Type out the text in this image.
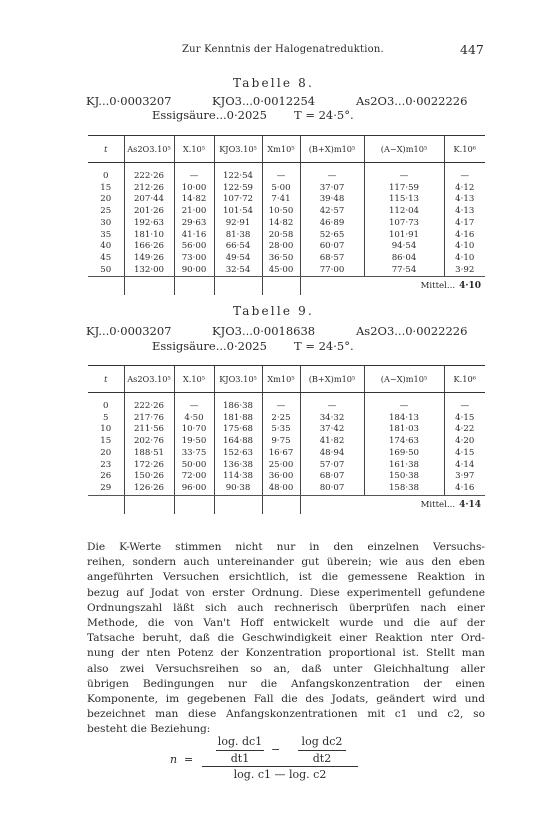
Zur Kenntnis der Halogenatreduktion.	447
Tabelle 8.
KJ...0·0003207	KJO3...0·0012254	As2O3...0·0022226
Essigsäure...0·2025 T = 24·5°.
t	As2O3.10⁵	X.10⁵	KJO3.10⁵	Xm10⁵	(B+X)m10⁵	(A−X)m10⁵	K.10⁶

0	222·26	—	122·54	—	—	—	—
15	212·26	10·00	122·59	5·00	37·07	117·59	4·12
20	207·44	14·82	107·72	7·41	39·48	115·13	4·13
25	201·26	21·00	101·54	10·50	42·57	112·04	4·13
30	192·63	29·63	92·91	14·82	46·89	107·73	4·17
35	181·10	41·16	81·38	20·58	52·65	101·91	4·16
40	166·26	56·00	66·54	28·00	60·07	94·54	4·10
45	149·26	73·00	49·54	36·50	68·57	86·04	4·10
50	132·00	90·00	32·54	45·00	77·00	77·54	3·92
						Mittel... 4·10	
Tabelle 9.
KJ...0·0003207	KJO3...0·0018638	As2O3...0·0022226
Essigsäure...0·2025 T = 24·5°.
t	As2O3.10⁵	X.10⁵	KJO3.10⁵	Xm10⁵	(B+X)m10⁵	(A−X)m10⁵	K.10⁶

0	222·26	—	186·38	—	—	—	—
5	217·76	4·50	181·88	2·25	34·32	184·13	4·15
10	211·56	10·70	175·68	5·35	37·42	181·03	4·22
15	202·76	19·50	164·88	9·75	41·82	174·63	4·20
20	188·51	33·75	152·63	16·67	48·94	169·50	4·15
23	172·26	50·00	136·38	25·00	57·07	161·38	4·14
26	150·26	72·00	114·38	36·00	68·07	150·38	3·97
29	126·26	96·00	90·38	48·00	80·07	158·38	4·16
						Mittel... 4·14	
Die K-Werte stimmen nicht nur in den einzelnen Versuchs-
reihen, sondern auch untereinander gut überein; wie aus den eben
angeführten Versuchen ersichtlich, ist die gemessene Reaktion in
bezug auf Jodat von erster Ordnung. Diese experimentell gefundene
Ordnungszahl läßt sich auch rechnerisch überprüfen nach einer
Methode, die von Van't Hoff entwickelt wurde und die auf der
Tatsache beruht, daß die Geschwindigkeit einer Reaktion nter Ord-
nung der nten Potenz der Konzentration proportional ist. Stellt man
also zwei Versuchsreihen so an, daß unter Gleichhaltung aller
übrigen Bedingungen nur die Anfangskonzentration der einen
Komponente, im gegebenen Fall die des Jodats, geändert wird und
bezeichnet man diese Anfangskonzentrationen mit c1 und c2, so
besteht die Beziehung:
n =
log. dc1
−
log dc2
dt1	dt2
log. c1 — log. c2
